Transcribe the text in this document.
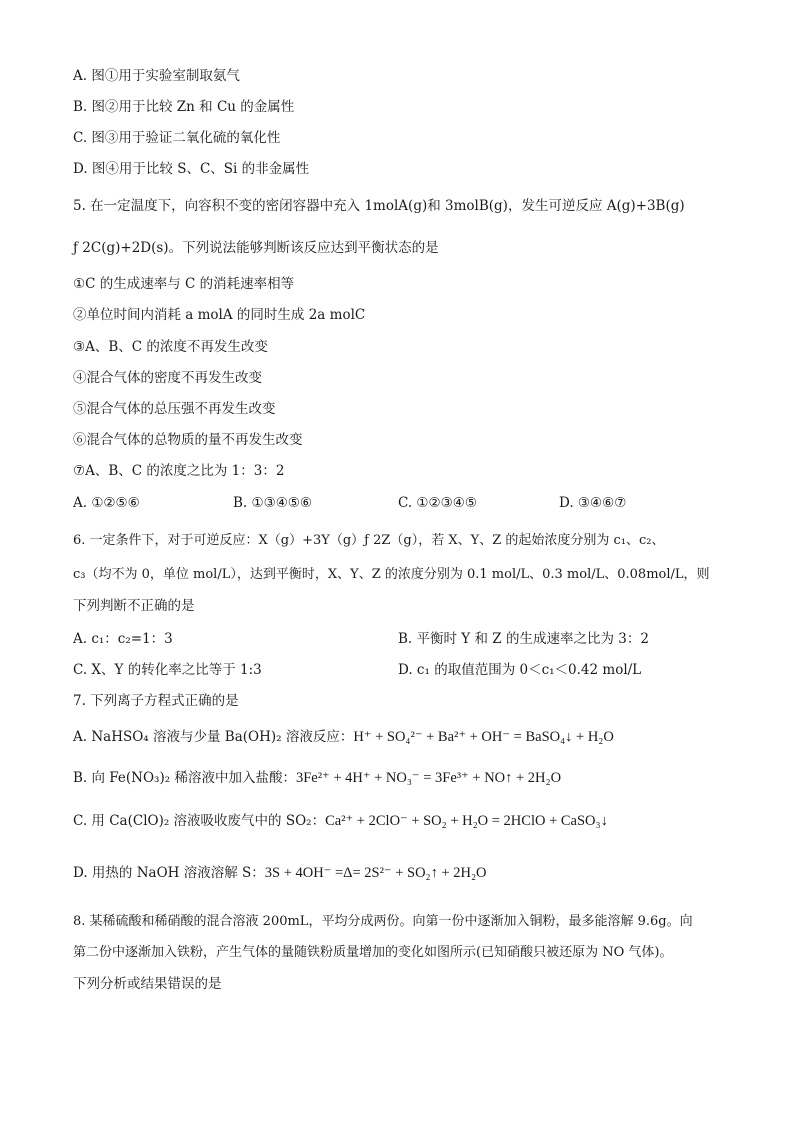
A. 图①用于实验室制取氨气
B. 图②用于比较 Zn 和 Cu 的金属性
C. 图③用于验证二氧化硫的氧化性
D. 图④用于比较 S、C、Si 的非金属性
5. 在一定温度下，向容积不变的密闭容器中充入 1molA(g)和 3molB(g)，发生可逆反应 A(g)+3B(g)
ƒ 2C(g)+2D(s)。下列说法能够判断该反应达到平衡状态的是
①C 的生成速率与 C 的消耗速率相等
②单位时间内消耗 a molA 的同时生成 2a molC
③A、B、C 的浓度不再发生改变
④混合气体的密度不再发生改变
⑤混合气体的总压强不再发生改变
⑥混合气体的总物质的量不再发生改变
⑦A、B、C 的浓度之比为 1：3：2
A. ①②⑤⑥	B. ①③④⑤⑥	C. ①②③④⑤	D. ③④⑥⑦
6. 一定条件下，对于可逆反应：X（g）+3Y（g）ƒ 2Z（g），若 X、Y、Z 的起始浓度分别为 c₁、c₂、
c₃（均不为 0，单位 mol/L），达到平衡时，X、Y、Z 的浓度分别为 0.1 mol/L、0.3 mol/L、0.08mol/L，则
下列判断不正确的是
A. c₁：c₂=1：3	B. 平衡时 Y 和 Z 的生成速率之比为 3：2
C. X、Y 的转化率之比等于 1:3	D. c₁ 的取值范围为 0＜c₁＜0.42 mol/L
7. 下列离子方程式正确的是
A. NaHSO₄ 溶液与少量 Ba(OH)₂ 溶液反应：H⁺ + SO₄²⁻ + Ba²⁺ + OH⁻ = BaSO₄↓ + H₂O
B. 向 Fe(NO₃)₂ 稀溶液中加入盐酸：3Fe²⁺ + 4H⁺ + NO₃⁻ = 3Fe³⁺ + NO↑ + 2H₂O
C. 用 Ca(ClO)₂ 溶液吸收废气中的 SO₂：Ca²⁺ + 2ClO⁻ + SO₂ + H₂O = 2HClO + CaSO₃↓
D. 用热的 NaOH 溶液溶解 S：3S + 4OH⁻ =Δ= 2S²⁻ + SO₂↑ + 2H₂O
8. 某稀硫酸和稀硝酸的混合溶液 200mL，平均分成两份。向第一份中逐渐加入铜粉，最多能溶解 9.6g。向
第二份中逐渐加入铁粉，产生气体的量随铁粉质量增加的变化如图所示(已知硝酸只被还原为 NO 气体)。
下列分析或结果错误的是
